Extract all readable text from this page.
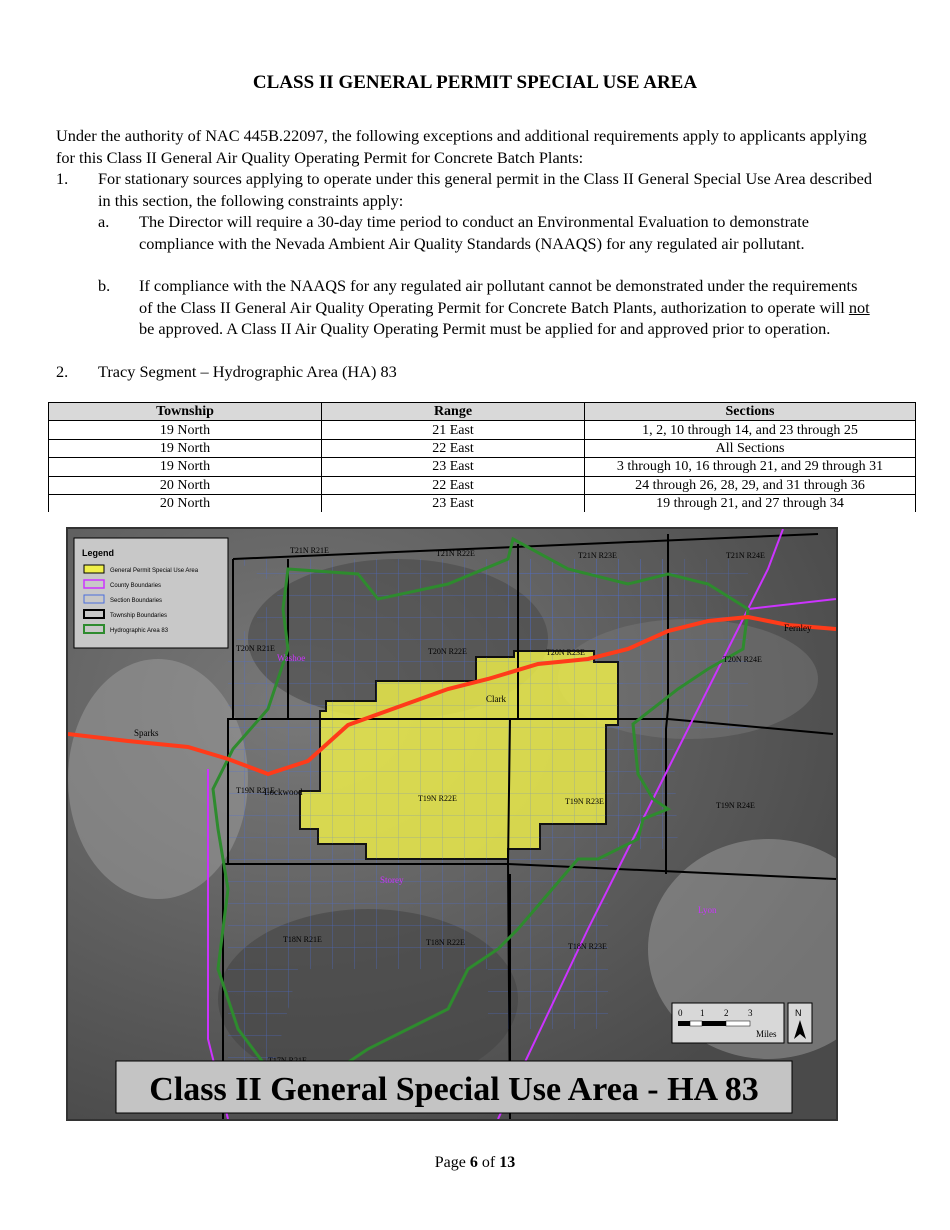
CLASS II GENERAL PERMIT SPECIAL USE AREA

Under the authority of NAC 445B.22097, the following exceptions and additional requirements apply to applicants applying for this Class II General Air Quality Operating Permit for Concrete Batch Plants:

1. For stationary sources applying to operate under this general permit in the Class II General Special Use Area described in this section, the following constraints apply:
a. The Director will require a 30-day time period to conduct an Environmental Evaluation to demonstrate compliance with the Nevada Ambient Air Quality Standards (NAAQS) for any regulated air pollutant.
b. If compliance with the NAAQS for any regulated air pollutant cannot be demonstrated under the requirements of the Class II General Air Quality Operating Permit for Concrete Batch Plants, authorization to operate will not be approved. A Class II Air Quality Operating Permit must be applied for and approved prior to operation.
2. Tracy Segment – Hydrographic Area (HA) 83
Township	Range	Sections
19 North	21 East	1, 2, 10 through 14, and 23 through 25
19 North	22 East	All Sections
19 North	23 East	3 through 10, 16 through 21, and 29 through 31
20 North	22 East	24 through 26, 28, 29, and 31 through 36
20 North	23 East	19 through 21, and 27 through 34
T21N R21E	T21N R22E	T21N R23E	T21N R24E
T20N R21E	T20N R22E	T20N R23E
T20N R24E
T19N R21E
T19N R22E	T19N R23E	T19N R24E
T18N R21E	T18N R22E	T18N R23E
Fernley
Sparks
Clark
Lockwood
Storey
Lyon
Washoe
Legend
General Permit Special Use Area
County Boundaries
Section Boundaries
Township Boundaries
Hydrographic Area 83
0 1 2 3
Miles
N
Class II General Special Use Area - HA 83
Page 6 of 13
